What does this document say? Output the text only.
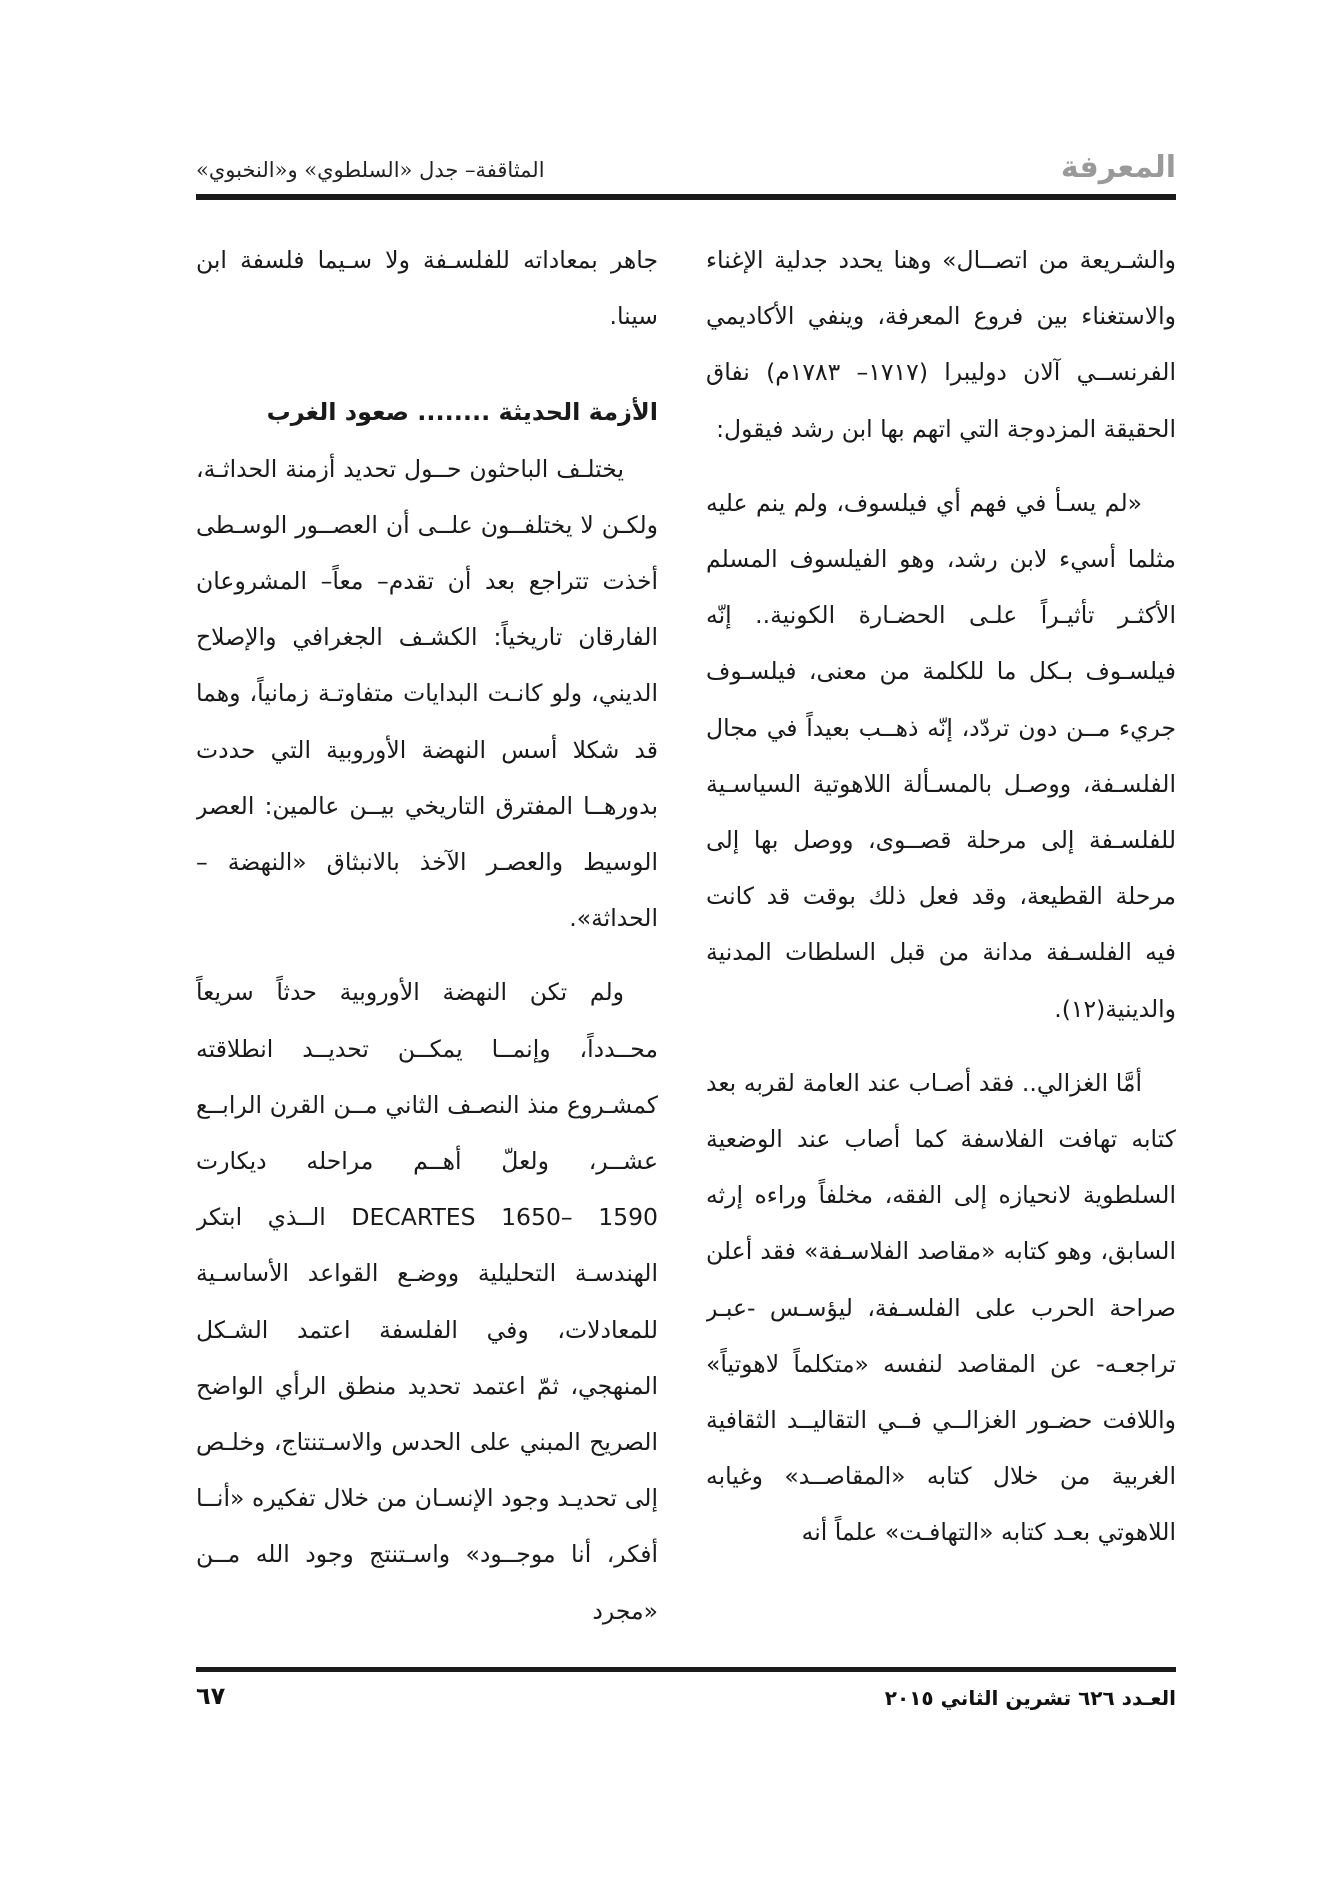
المعرفة
المثاقفة– جدل «السلطوي» و«النخبوي»

والشـريعة من اتصــال» وهنا يحدد جدلية الإغناء والاستغناء بين فروع المعرفة، وينفي الأكاديمي الفرنســي آلان دوليبرا (١٧١٧– ١٧٨٣م) نفاق الحقيقة المزدوجة التي اتهم بها ابن رشد فيقول:

«لم يسـأ في فهم أي فيلسوف، ولم ينم عليه مثلما أسيء لابن رشد، وهو الفيلسوف المسلم الأكثـر تأثيـراً علـى الحضـارة الكونية.. إنّه فيلسـوف بـكل ما للكلمة من معنى، فيلسـوف جريء مــن دون تردّد، إنّه ذهــب بعيداً في مجال الفلسـفة، ووصـل بالمسـألة اللاهوتية السياسـية للفلسـفة إلى مرحلة قصــوى، ووصل بها إلى مرحلة القطيعة، وقد فعل ذلك بوقت قد كانت فيه الفلسـفة مدانة من قبل السلطات المدنية والدينية(١٢).

أمَّا الغزالي.. فقد أصـاب عند العامة لقربه بعد كتابه تهافت الفلاسفة كما أصاب عند الوضعية السلطوية لانحيازه إلى الفقه، مخلفاً وراءه إرثه السابق، وهو كتابه «مقاصد الفلاسـفة» فقد أعلن صراحة الحرب على الفلسـفة، ليؤسـس -عبـر تراجعـه- عن المقاصد لنفسه «متكلماً لاهوتياً» واللافت حضـور الغزالــي فــي التقاليــد الثقافية الغربية من خلال كتابه «المقاصــد» وغيابه اللاهوتي بعـد كتابه «التهافـت» علماً أنه

جاهر بمعاداته للفلسـفة ولا سـيما فلسفة ابن سينا.

الأزمة الحديثة ........ صعود الغرب

يختلـف الباحثون حــول تحديد أزمنة الحداثـة، ولكـن لا يختلفــون علــى أن العصــور الوسـطى أخذت تتراجع بعد أن تقدم– معاً– المشروعان الفارقان تاريخياً: الكشـف الجغرافي والإصلاح الديني، ولو كانـت البدايات متفاوتـة زمانياً، وهما قد شكلا أسس النهضة الأوروبية التي حددت بدورهــا المفترق التاريخي بيــن عالمين: العصر الوسيط والعصـر الآخذ بالانبثاق «النهضة – الحداثة».

ولم تكن النهضة الأوروبية حدثاً سريعاً محــدداً، وإنمــا يمكــن تحديــد انطلاقته كمشـروع منذ النصـف الثاني مــن القرن الرابــع عشــر، ولعلّ أهــم مراحله ديكارت DECARTES 1650– 1590 الــذي ابتكر الهندسـة التحليلية ووضـع القواعد الأساسـية للمعادلات، وفي الفلسفة اعتمد الشـكل المنهجي، ثمّ اعتمد تحديد منطق الرأي الواضح الصريح المبني على الحدس والاسـتنتاج، وخلـص إلى تحديـد وجود الإنسـان من خلال تفكيره «أنــا أفكر، أنا موجــود» واسـتنتج وجود الله مــن «مجرد

العـدد ٦٢٦ تشرين الثاني ٢٠١٥
٦٧
